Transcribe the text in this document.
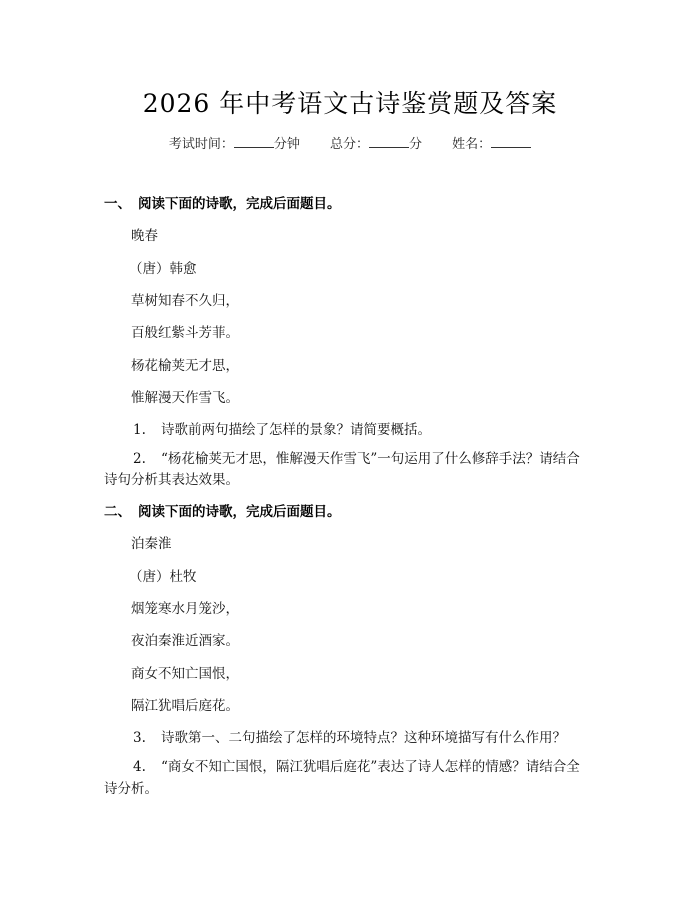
2026 年中考语文古诗鉴赏题及答案
考试时间：	分钟 总分：	分 姓名：
一、 阅读下面的诗歌，完成后面题目。
晚春
（唐）韩愈
草树知春不久归，
百般红紫斗芳菲。
杨花榆荚无才思，
惟解漫天作雪飞。
1. 诗歌前两句描绘了怎样的景象？请简要概括。
2. “杨花榆荚无才思，惟解漫天作雪飞”一句运用了什么修辞手法？请结合
诗句分析其表达效果。
二、 阅读下面的诗歌，完成后面题目。
泊秦淮
（唐）杜牧
烟笼寒水月笼沙，
夜泊秦淮近酒家。
商女不知亡国恨，
隔江犹唱后庭花。
3. 诗歌第一、二句描绘了怎样的环境特点？这种环境描写有什么作用？
4. “商女不知亡国恨，隔江犹唱后庭花”表达了诗人怎样的情感？请结合全
诗分析。
